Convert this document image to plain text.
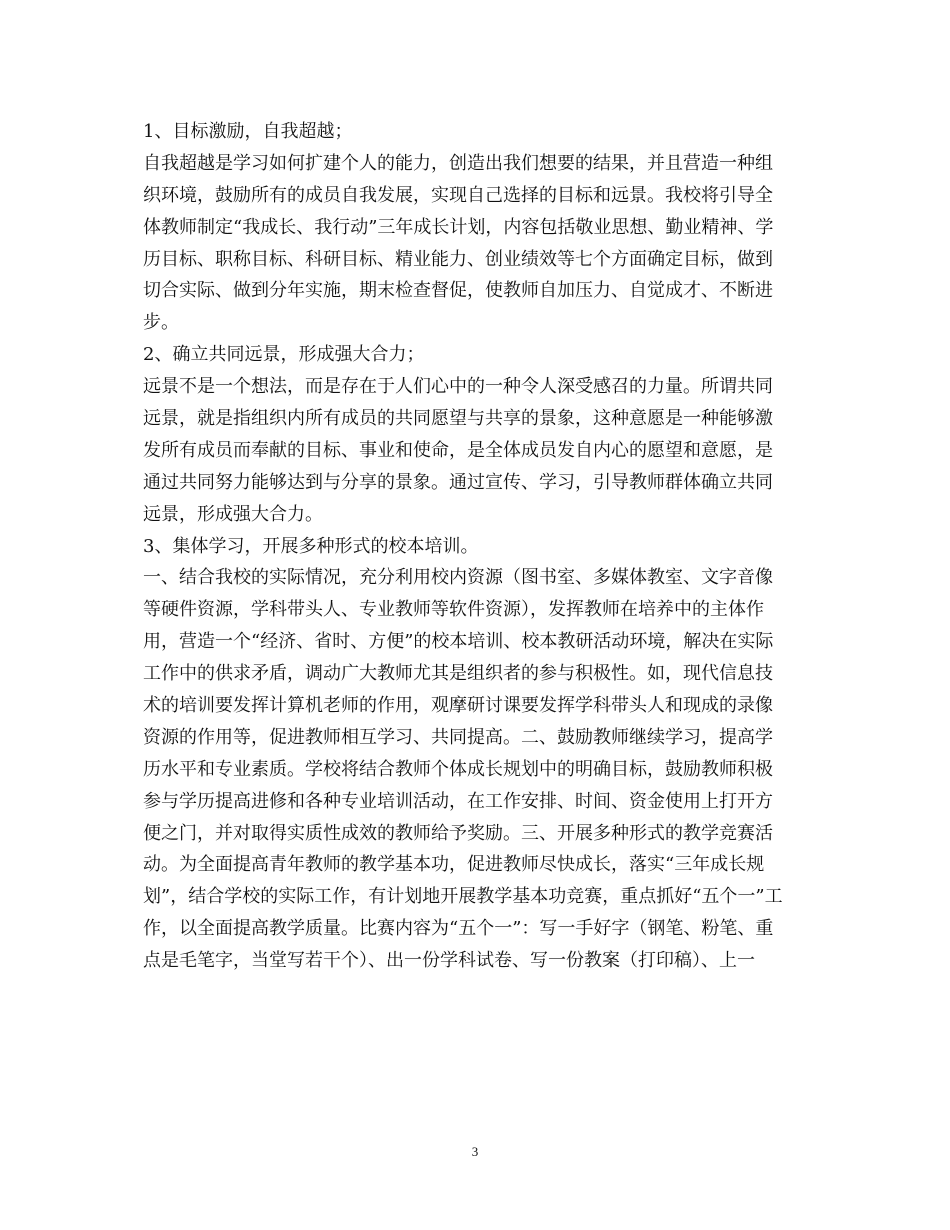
1、目标激励，自我超越；
自我超越是学习如何扩建个人的能力，创造出我们想要的结果，并且营造一种组
织环境，鼓励所有的成员自我发展，实现自己选择的目标和远景。我校将引导全
体教师制定“我成长、我行动”三年成长计划，内容包括敬业思想、勤业精神、学
历目标、职称目标、科研目标、精业能力、创业绩效等七个方面确定目标，做到
切合实际、做到分年实施，期末检查督促，使教师自加压力、自觉成才、不断进
步。
2、确立共同远景，形成强大合力；
远景不是一个想法，而是存在于人们心中的一种令人深受感召的力量。所谓共同
远景，就是指组织内所有成员的共同愿望与共享的景象，这种意愿是一种能够激
发所有成员而奉献的目标、事业和使命，是全体成员发自内心的愿望和意愿，是
通过共同努力能够达到与分享的景象。通过宣传、学习，引导教师群体确立共同
远景，形成强大合力。
3、集体学习，开展多种形式的校本培训。
一、结合我校的实际情况，充分利用校内资源（图书室、多媒体教室、文字音像
等硬件资源，学科带头人、专业教师等软件资源），发挥教师在培养中的主体作
用，营造一个“经济、省时、方便”的校本培训、校本教研活动环境，解决在实际
工作中的供求矛盾，调动广大教师尤其是组织者的参与积极性。如，现代信息技
术的培训要发挥计算机老师的作用，观摩研讨课要发挥学科带头人和现成的录像
资源的作用等，促进教师相互学习、共同提高。二、鼓励教师继续学习，提高学
历水平和专业素质。学校将结合教师个体成长规划中的明确目标，鼓励教师积极
参与学历提高进修和各种专业培训活动，在工作安排、时间、资金使用上打开方
便之门，并对取得实质性成效的教师给予奖励。三、开展多种形式的教学竞赛活
动。为全面提高青年教师的教学基本功，促进教师尽快成长，落实“三年成长规
划”，结合学校的实际工作，有计划地开展教学基本功竞赛，重点抓好“五个一”工
作，以全面提高教学质量。比赛内容为“五个一”：写一手好字（钢笔、粉笔、重
点是毛笔字，当堂写若干个）、出一份学科试卷、写一份教案（打印稿）、上一
3
